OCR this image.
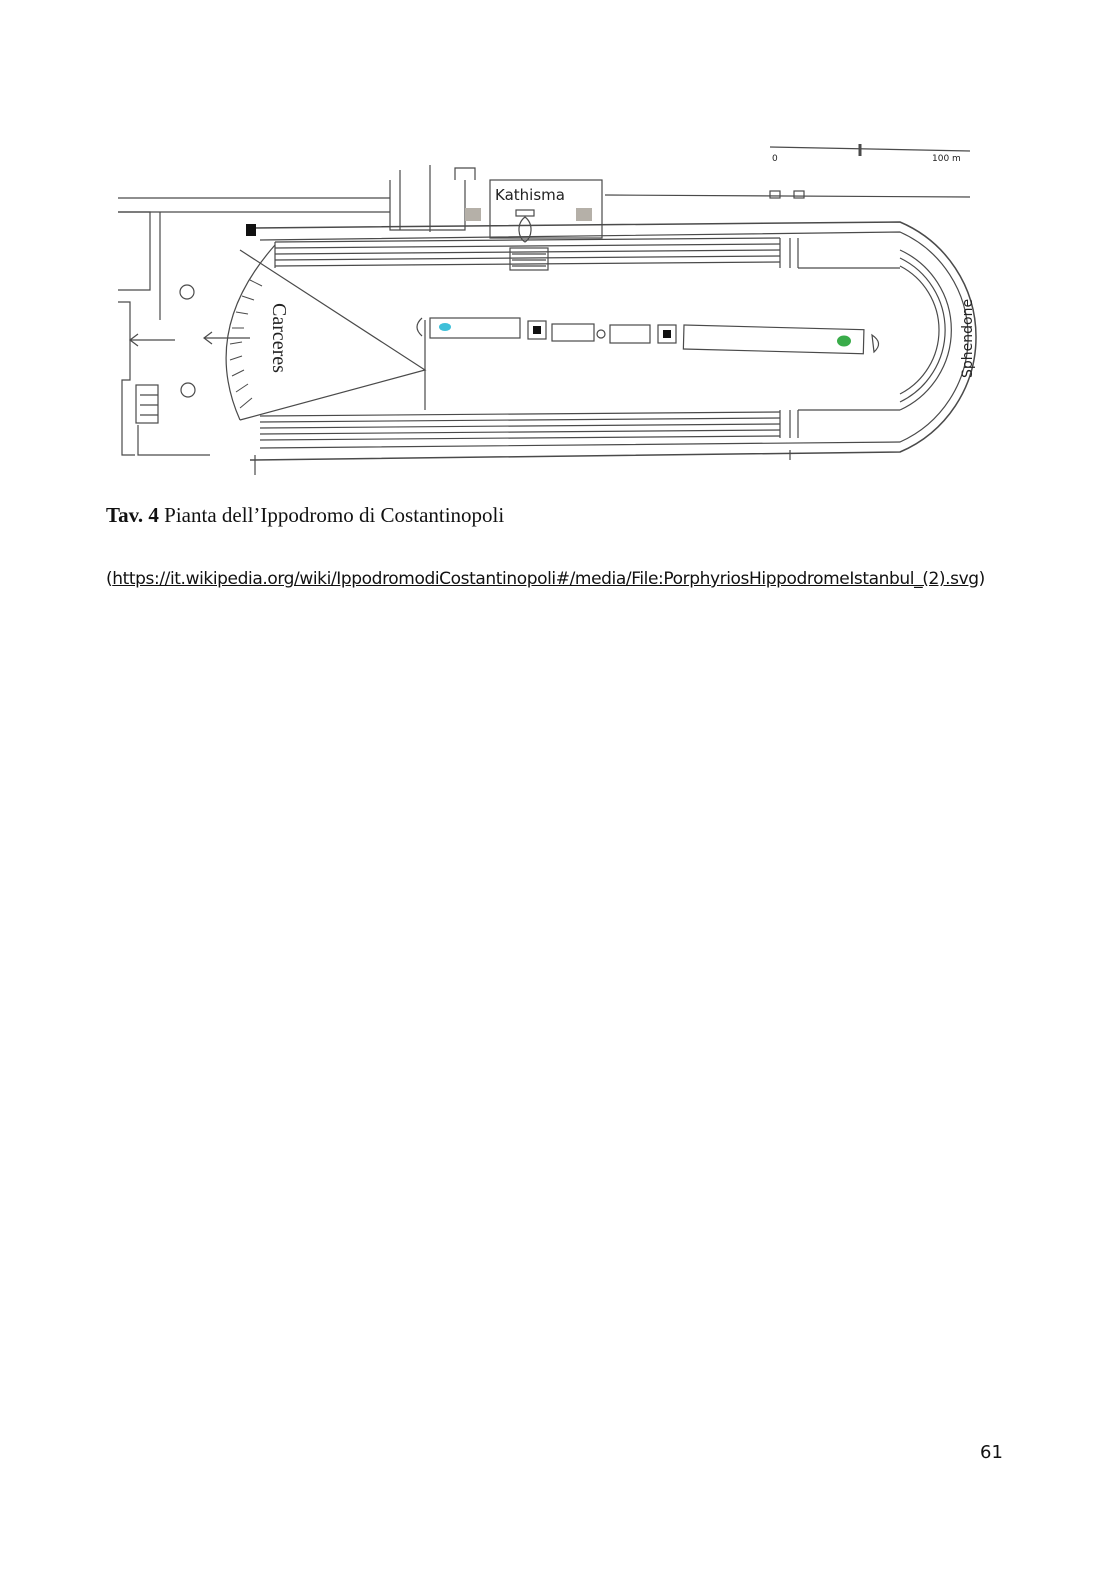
0	100 m
Kathisma
Carceres	Sphendone
Tav. 4 Pianta dell’Ippodromo di Costantinopoli
(https://it.wikipedia.org/wiki/IppodromodiCostantinopoli#/media/File:PorphyriosHippodromeIstanbul_(2).svg)
61
